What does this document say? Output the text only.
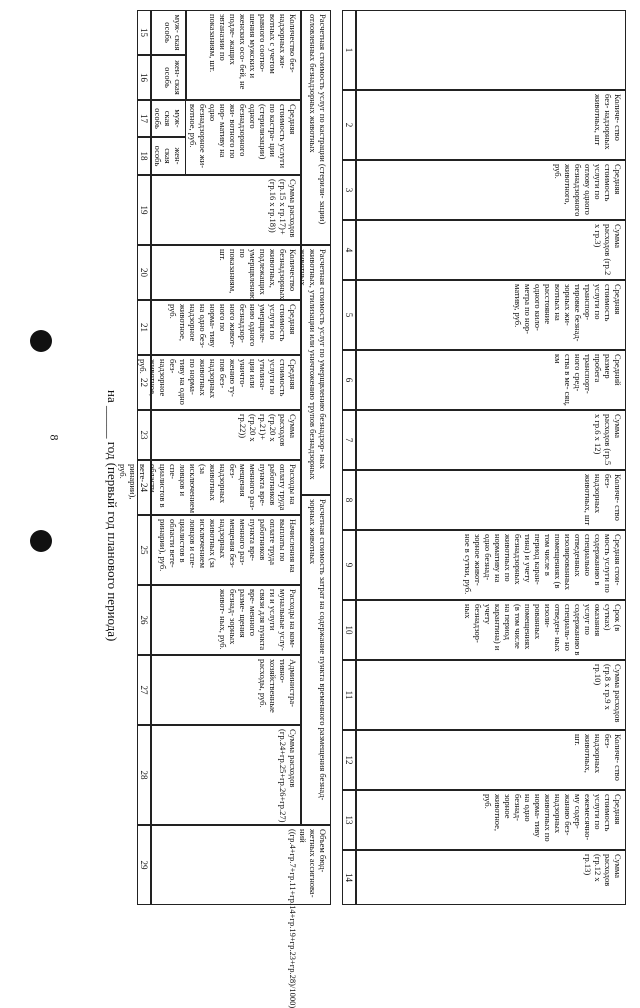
8
Количе- ство без- надзорных животных, шт
Средняя стоимость услуги по отлову одного безнадзорного животного, руб.
Сумма расходов (гр.2 x гр.3)
Средняя стоимость услуги по транспор- тировке безнад- зорных жи- вотных на расстояние одного кило- метра по нор- мативу, руб.
Средний размер пробега транспорт- ного сред- ства в ме- сяц, км
Сумма расходов (гр.5 x гр.6 x 12)
Количе- ство без- надзорных животных, шт
Средняя стои- мость услуги по содержанию в специально отведенных изолированных помещениях (в том числе в период каран- тина) и учету безнадзорных животных по нормативу на одно безнад- зорное живот- ное в сутки, руб.
Срок (в сутках) оказания услуг по содержанию в специаль- но отведен- ных изоли- рованных помещениях (в том числе на период карантина) и учету безнадзор- ных
Сумма расходов (гр.8 x гр.9 x гр.10)
Количе- ство без- надзорных животных, шт.
Средняя стоимость услуги по ежемесячно- му содер- жанию без- надзорных животных по норма- тиву на одно безнад- зорное животное, руб.
Сумма расходов (гр.12 x гр.13)
1
2
3
4
5
6
7
8
9
10
11
12
13
14
Расчетная стоимость услуг по кастрации (стерили- зации) отловленных безнадзорных животных
Расчетная стоимость услуг по умерщвлению безнадзор- ных животных, утилизации или уничтожению трупов безнадзорных животных
Расчетная стоимость затрат на содержание пункта временного размещения безнад- зорных животных
Объем бюд- жетных ассигнова- ний ((гр.4+гр.7+гр.11+гр.14+гр.19+гр.23+гр.28)/1000)
Количество без- надзорных жи- вотных с учетом равного соотно- шения мужских и женских осо- бей, не подле- жащих эвтаназии по показаниям, шт.
Средняя стоимость услуги по кастра- ции (стерилизации) одного безнадзорного жи- вотного по нор- мативу на одно безнадзорное жи- вотное, руб.
Сумма расходов (гр.15 x гр.17)+(гр.16 x гр.18))
Количество безнадзорных животных, подлежащих умерщвлению по показаниям, шт.
Средняя стоимость услуги по умерщвле- нию одного безнадзор- ного живот- ного по норма- тиву на одно без- надзорное животное, руб.
Средняя стоимость услуги по утилиза- ции или уничто- жению ту- пов без- надзорных животных по норма- тиву на одно без- надзорное животное, руб.
Сумма расходов (гр.20 x гр.21)+(гр.20 x гр.22))
Расходы на оплату труда работников пункта вре- менного раз- мещения без- надзорных животных (за исключением ловцов и спе- циалистов в области вете- ринарии), руб.
Начисления на выплаты по оплате труда работников пункта вре- менного раз- мещения без- надзорных животных (за исключением ловцов и спе- циалистов в области вете- ринарии), руб.
Расходы на ком- мунальные услу- ги и услуги связи для пункта вре- менного разме- щения безнад- зорных живот- ных, руб.
Администра- тивно- хозяйственные расходы, руб.
Сумма расходов (гр.24+гр.25+гр.26+гр.27)
муж- ская особь
жен- ская особь
муж- ская особь
жен- ская особь
15
16
17
18
19
20
21
22
23
24
25
26
27
28
29
на _____ год (первый год планового периода)
